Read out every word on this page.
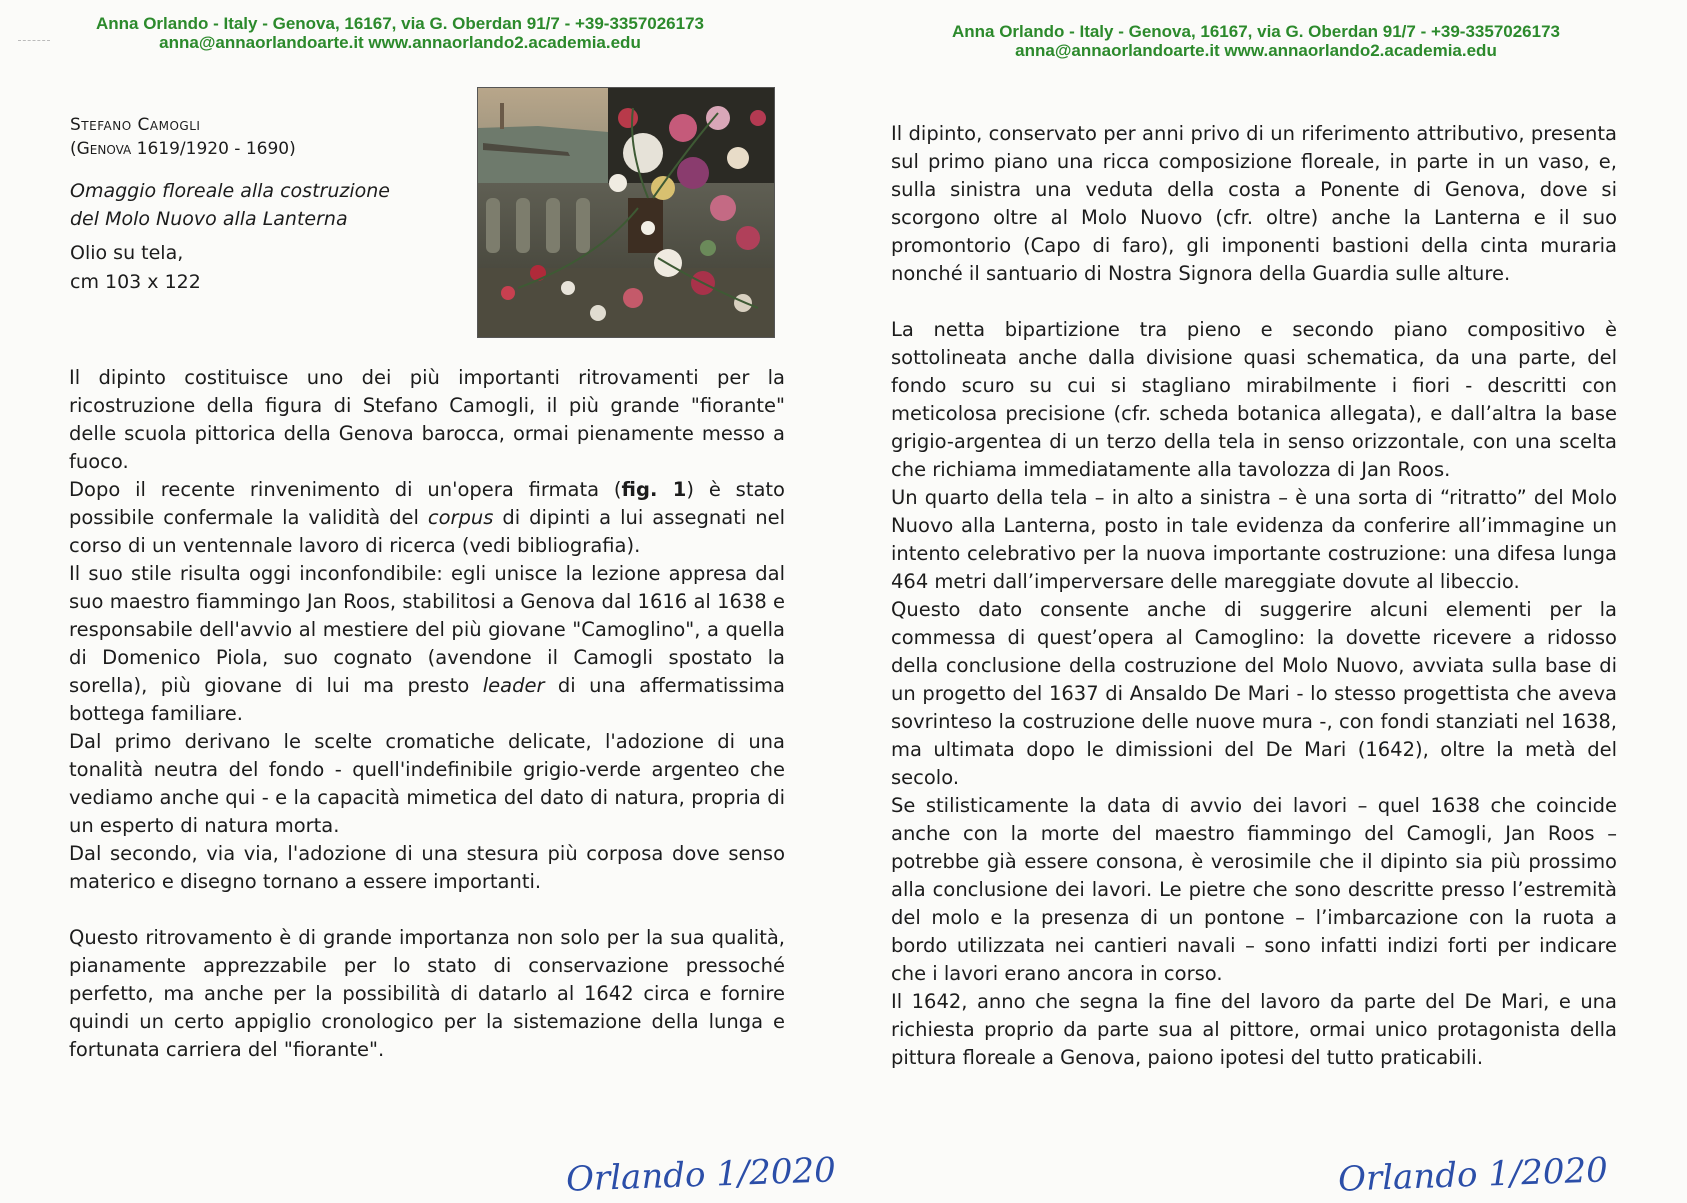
Anna Orlando - Italy - Genova, 16167, via G. Oberdan 91/7 - +39-3357026173
anna@annaorlandoarte.it www.annaorlando2.academia.edu
Stefano Camogli
(Genova 1619/1920 - 1690)
Omaggio floreale alla costruzione
del Molo Nuovo alla Lanterna
Olio su tela,
cm 103 x 122

Il dipinto costituisce uno dei più importanti ritrovamenti per la ricostruzione della figura di Stefano Camogli, il più grande "fiorante" delle scuola pittorica della Genova barocca, ormai pienamente messo a fuoco.

Dopo il recente rinvenimento di un'opera firmata (fig. 1) è stato possibile confermale la validità del corpus di dipinti a lui assegnati nel corso di un ventennale lavoro di ricerca (vedi bibliografia).

Il suo stile risulta oggi inconfondibile: egli unisce la lezione appresa dal suo maestro fiammingo Jan Roos, stabilitosi a Genova dal 1616 al 1638 e responsabile dell'avvio al mestiere del più giovane "Camoglino", a quella di Domenico Piola, suo cognato (avendone il Camogli spostato la sorella), più giovane di lui ma presto leader di una affermatissima bottega familiare.

Dal primo derivano le scelte cromatiche delicate, l'adozione di una tonalità neutra del fondo - quell'indefinibile grigio-verde argenteo che vediamo anche qui - e la capacità mimetica del dato di natura, propria di un esperto di natura morta.

Dal secondo, via via, l'adozione di una stesura più corposa dove senso materico e disegno tornano a essere importanti.

Questo ritrovamento è di grande importanza non solo per la sua qualità, pianamente apprezzabile per lo stato di conservazione pressoché perfetto, ma anche per la possibilità di datarlo al 1642 circa e fornire quindi un certo appiglio cronologico per la sistemazione della lunga e fortunata carriera del "fiorante".

Orlando 1/2020
Anna Orlando - Italy - Genova, 16167, via G. Oberdan 91/7 - +39-3357026173
anna@annaorlandoarte.it www.annaorlando2.academia.edu

Il dipinto, conservato per anni privo di un riferimento attributivo, presenta sul primo piano una ricca composizione floreale, in parte in un vaso, e, sulla sinistra una veduta della costa a Ponente di Genova, dove si scorgono oltre al Molo Nuovo (cfr. oltre) anche la Lanterna e il suo promontorio (Capo di faro), gli imponenti bastioni della cinta muraria nonché il santuario di Nostra Signora della Guardia sulle alture.

La netta bipartizione tra pieno e secondo piano compositivo è sottolineata anche dalla divisione quasi schematica, da una parte, del fondo scuro su cui si stagliano mirabilmente i fiori - descritti con meticolosa precisione (cfr. scheda botanica allegata), e dall’altra la base grigio-argentea di un terzo della tela in senso orizzontale, con una scelta che richiama immediatamente alla tavolozza di Jan Roos.

Un quarto della tela – in alto a sinistra – è una sorta di “ritratto” del Molo Nuovo alla Lanterna, posto in tale evidenza da conferire all’immagine un intento celebrativo per la nuova importante costruzione: una difesa lunga 464 metri dall’imperversare delle mareggiate dovute al libeccio.

Questo dato consente anche di suggerire alcuni elementi per la commessa di quest’opera al Camoglino: la dovette ricevere a ridosso della conclusione della costruzione del Molo Nuovo, avviata sulla base di un progetto del 1637 di Ansaldo De Mari - lo stesso progettista che aveva sovrinteso la costruzione delle nuove mura -, con fondi stanziati nel 1638, ma ultimata dopo le dimissioni del De Mari (1642), oltre la metà del secolo.

Se stilisticamente la data di avvio dei lavori – quel 1638 che coincide anche con la morte del maestro fiammingo del Camogli, Jan Roos – potrebbe già essere consona, è verosimile che il dipinto sia più prossimo alla conclusione dei lavori. Le pietre che sono descritte presso l’estremità del molo e la presenza di un pontone – l’imbarcazione con la ruota a bordo utilizzata nei cantieri navali – sono infatti indizi forti per indicare che i lavori erano ancora in corso.

Il 1642, anno che segna la fine del lavoro da parte del De Mari, e una richiesta proprio da parte sua al pittore, ormai unico protagonista della pittura floreale a Genova, paiono ipotesi del tutto praticabili.

Orlando 1/2020
